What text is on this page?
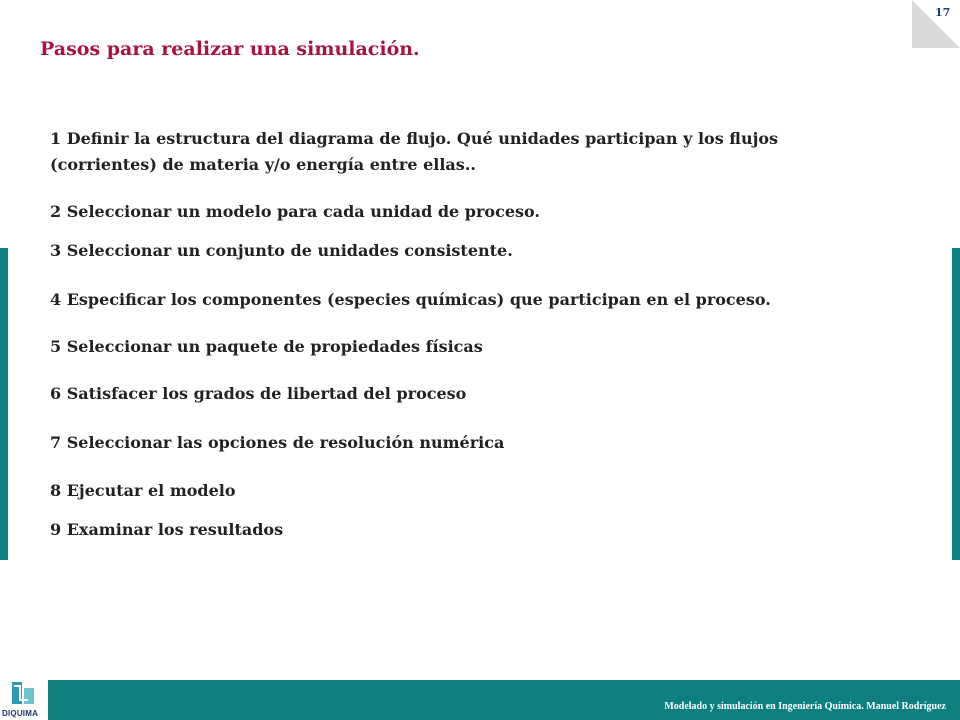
17
Pasos para realizar una simulación.
1 Definir la estructura del diagrama de flujo. Qué unidades participan y los flujos (corrientes) de materia y/o energía entre ellas..
2 Seleccionar un modelo para cada unidad de proceso.
3 Seleccionar un conjunto de unidades consistente.
4 Especificar los componentes (especies químicas) que participan en el proceso.
5 Seleccionar un paquete de propiedades físicas
6 Satisfacer los grados de libertad del proceso
7 Seleccionar las opciones de resolución numérica
8 Ejecutar el modelo
9 Examinar los resultados
Modelado y simulación en Ingeniería Química. Manuel Rodríguez
DIQUIMA
